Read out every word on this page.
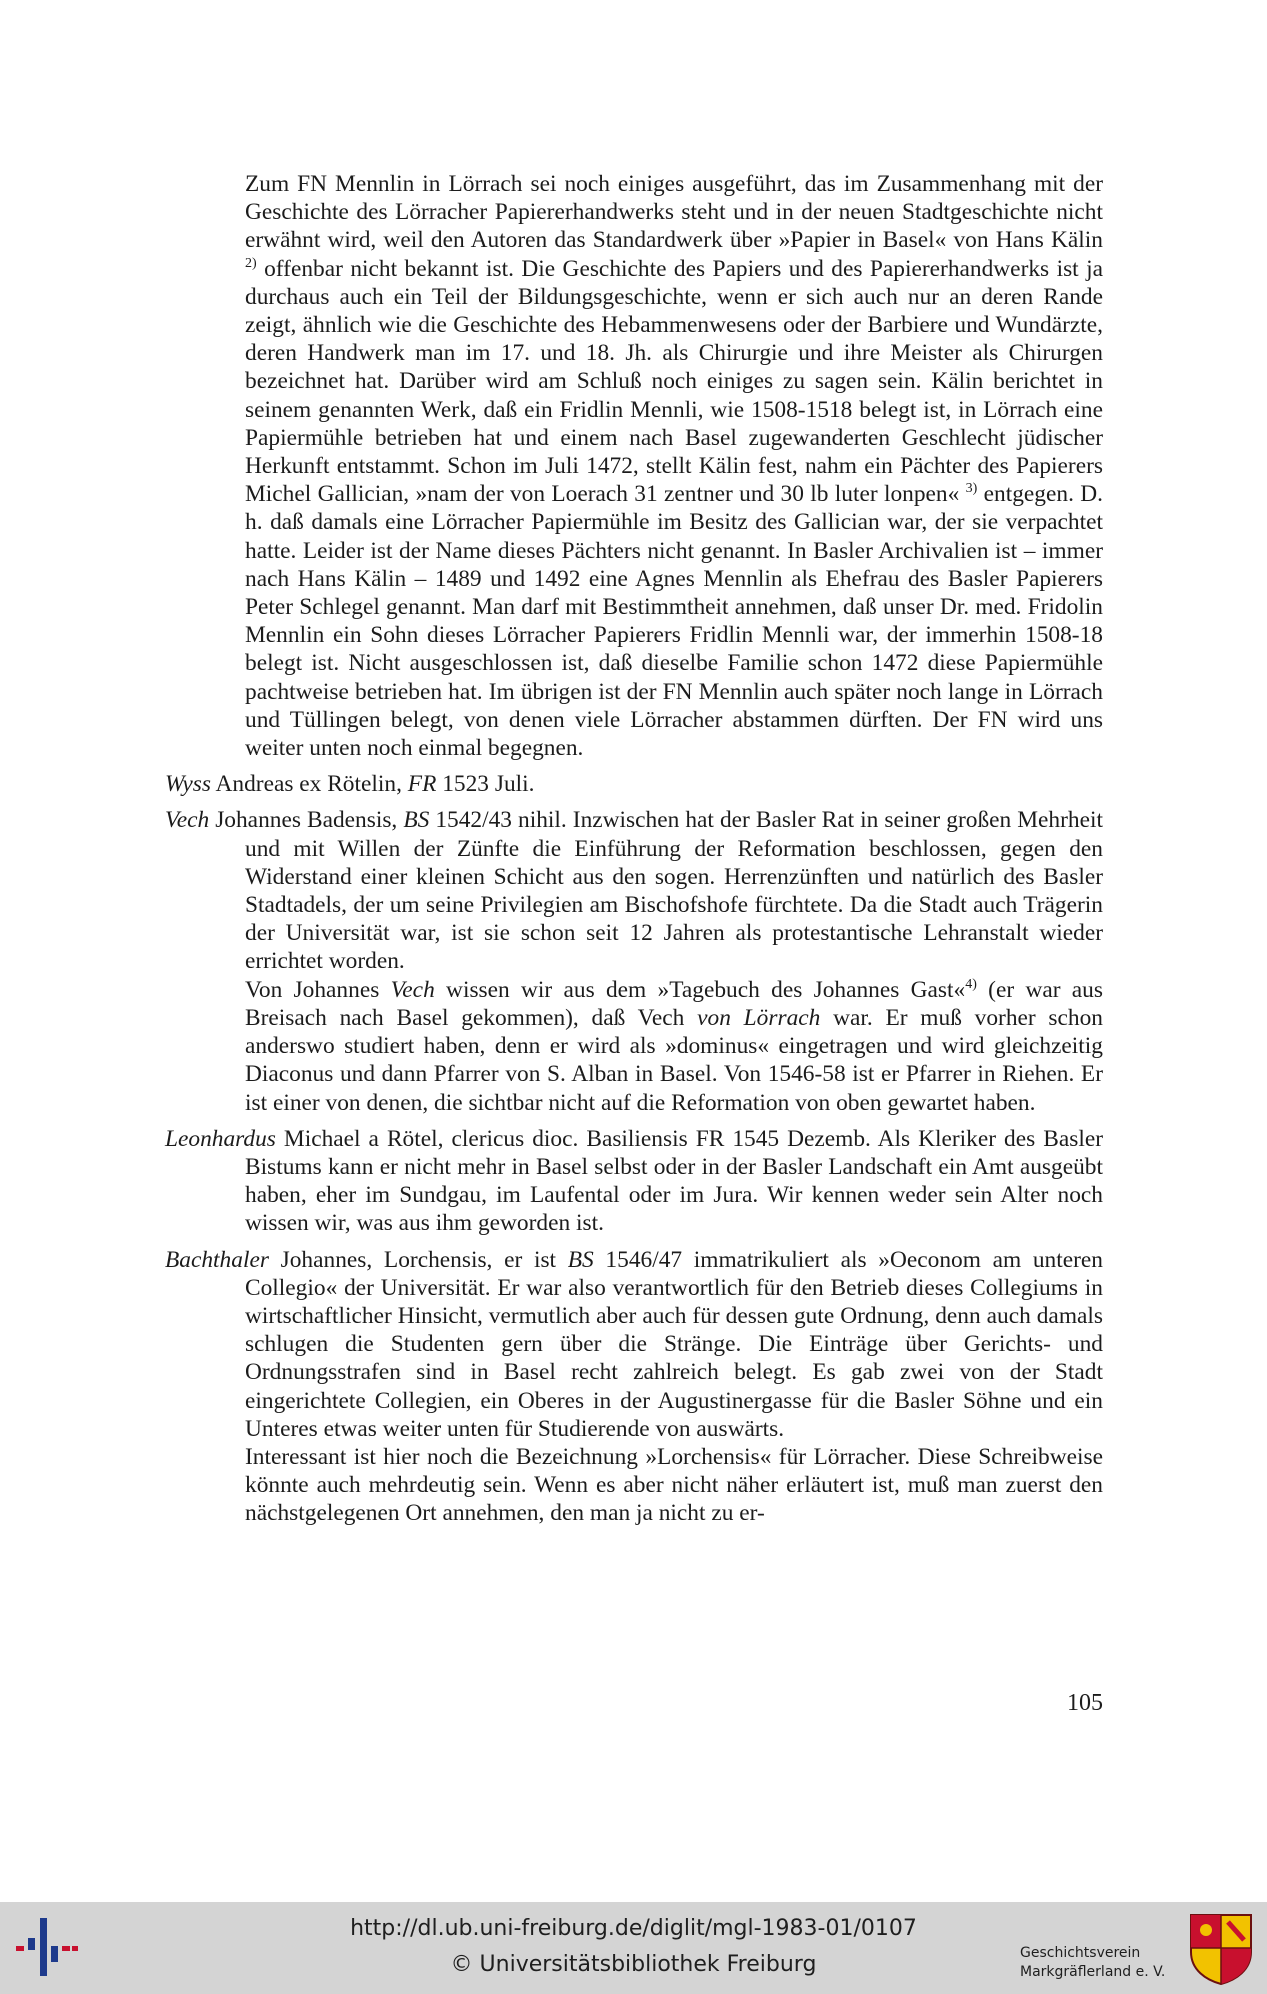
Zum FN Mennlin in Lörrach sei noch einiges ausgeführt, das im Zusammenhang mit der Geschichte des Lörracher Papiererhandwerks steht und in der neuen Stadtgeschichte nicht erwähnt wird, weil den Autoren das Standardwerk über »Papier in Basel« von Hans Kälin $^{2)}$ offenbar nicht bekannt ist. Die Geschichte des Papiers und des Papiererhandwerks ist ja durchaus auch ein Teil der Bildungsgeschichte, wenn er sich auch nur an deren Rande zeigt, ähnlich wie die Geschichte des Hebammenwesens oder der Barbiere und Wundärzte, deren Handwerk man im 17. und 18. Jh. als Chirurgie und ihre Meister als Chirurgen bezeichnet hat. Darüber wird am Schluß noch einiges zu sagen sein. Kälin berichtet in seinem genannten Werk, daß ein Fridlin Mennli, wie 1508-1518 belegt ist, in Lörrach eine Papiermühle betrieben hat und einem nach Basel zugewanderten Geschlecht jüdischer Herkunft entstammt. Schon im Juli 1472, stellt Kälin fest, nahm ein Pächter des Papierers Michel Gallician, »nam der von Loerach 31 zentner und 30 lb luter lonpen« $^{3)}$ entgegen. D. h. daß damals eine Lörracher Papiermühle im Besitz des Gallician war, der sie verpachtet hatte. Leider ist der Name dieses Pächters nicht genannt. In Basler Archivalien ist – immer nach Hans Kälin – 1489 und 1492 eine Agnes Mennlin als Ehefrau des Basler Papierers Peter Schlegel genannt. Man darf mit Bestimmtheit annehmen, daß unser Dr. med. Fridolin Mennlin ein Sohn dieses Lörracher Papierers Fridlin Mennli war, der immerhin 1508-18 belegt ist. Nicht ausgeschlossen ist, daß dieselbe Familie schon 1472 diese Papiermühle pachtweise betrieben hat. Im übrigen ist der FN Mennlin auch später noch lange in Lörrach und Tüllingen belegt, von denen viele Lörracher abstammen dürften. Der FN wird uns weiter unten noch einmal begegnen.

Wyss Andreas ex Rötelin, FR 1523 Juli.

Vech Johannes Badensis, BS 1542/43 nihil. Inzwischen hat der Basler Rat in seiner großen Mehrheit und mit Willen der Zünfte die Einführung der Reformation beschlossen, gegen den Widerstand einer kleinen Schicht aus den sogen. Herrenzünften und natürlich des Basler Stadtadels, der um seine Privilegien am Bischofshofe fürchtete. Da die Stadt auch Trägerin der Universität war, ist sie schon seit 12 Jahren als protestantische Lehranstalt wieder errichtet worden.

Von Johannes Vech wissen wir aus dem »Tagebuch des Johannes Gast«$^{4)}$ (er war aus Breisach nach Basel gekommen), daß Vech von Lörrach war. Er muß vorher schon anderswo studiert haben, denn er wird als »dominus« eingetragen und wird gleichzeitig Diaconus und dann Pfarrer von S. Alban in Basel. Von 1546-58 ist er Pfarrer in Riehen. Er ist einer von denen, die sichtbar nicht auf die Reformation von oben gewartet haben.

Leonhardus Michael a Rötel, clericus dioc. Basiliensis FR 1545 Dezemb. Als Kleriker des Basler Bistums kann er nicht mehr in Basel selbst oder in der Basler Landschaft ein Amt ausgeübt haben, eher im Sundgau, im Laufental oder im Jura. Wir kennen weder sein Alter noch wissen wir, was aus ihm geworden ist.

Bachthaler Johannes, Lorchensis, er ist BS 1546/47 immatrikuliert als »Oeconom am unteren Collegio« der Universität. Er war also verantwortlich für den Betrieb dieses Collegiums in wirtschaftlicher Hinsicht, vermutlich aber auch für dessen gute Ordnung, denn auch damals schlugen die Studenten gern über die Stränge. Die Einträge über Gerichts- und Ordnungsstrafen sind in Basel recht zahlreich belegt. Es gab zwei von der Stadt eingerichtete Collegien, ein Oberes in der Augustinergasse für die Basler Söhne und ein Unteres etwas weiter unten für Studierende von auswärts.

Interessant ist hier noch die Bezeichnung »Lorchensis« für Lörracher. Diese Schreibweise könnte auch mehrdeutig sein. Wenn es aber nicht näher erläutert ist, muß man zuerst den nächstgelegenen Ort annehmen, den man ja nicht zu er-

105
http://dl.ub.uni-freiburg.de/diglit/mgl-1983-01/0107
© Universitätsbibliothek Freiburg	Geschichtsverein
Markgräflerland e. V.
